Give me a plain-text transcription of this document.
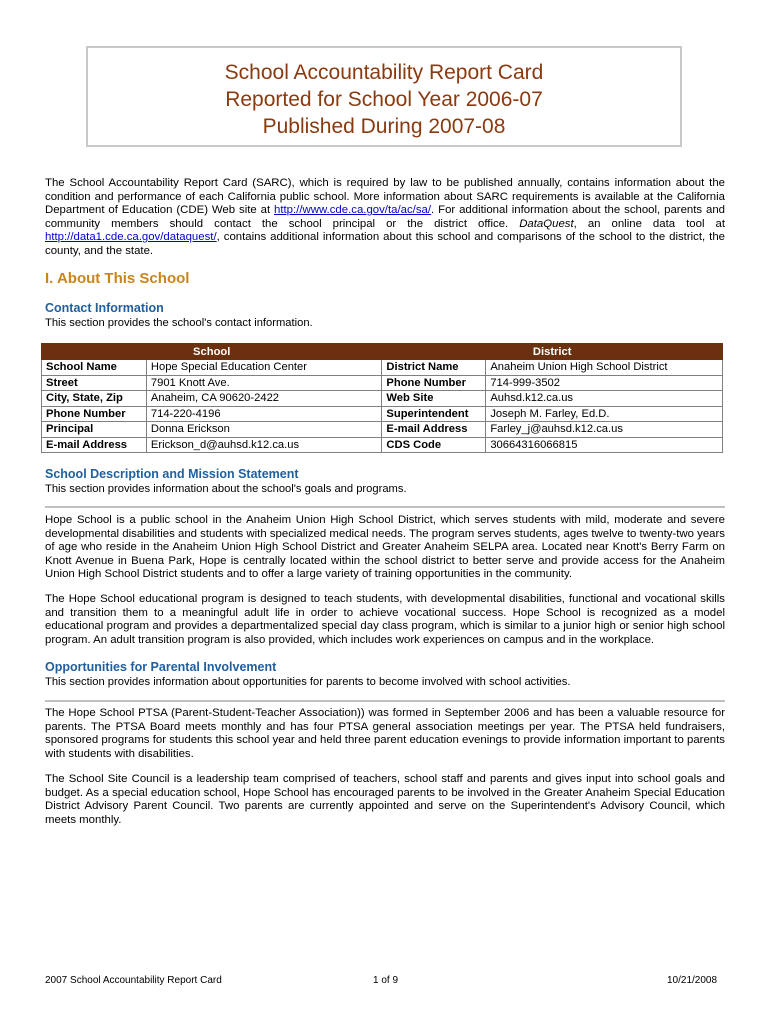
School Accountability Report Card
Reported for School Year 2006-07
Published During 2007-08

The School Accountability Report Card (SARC), which is required by law to be published annually, contains information about the condition and performance of each California public school. More information about SARC requirements is available at the California Department of Education (CDE) Web site at http://www.cde.ca.gov/ta/ac/sa/. For additional information about the school, parents and community members should contact the school principal or the district office. DataQuest, an online data tool at http://data1.cde.ca.gov/dataquest/, contains additional information about this school and comparisons of the school to the district, the county, and the state.

I. About This School
Contact Information

This section provides the school's contact information.

School		District	
School Name	Hope Special Education Center	District Name	Anaheim Union High School District
Street	7901 Knott Ave.	Phone Number	714-999-3502
City, State, Zip	Anaheim, CA 90620-2422	Web Site	Auhsd.k12.ca.us
Phone Number	714-220-4196	Superintendent	Joseph M. Farley, Ed.D.
Principal	Donna Erickson	E-mail Address	Farley_j@auhsd.k12.ca.us
E-mail Address	Erickson_d@auhsd.k12.ca.us	CDS Code	30664316066815
School Description and Mission Statement

This section provides information about the school's goals and programs.

Hope School is a public school in the Anaheim Union High School District, which serves students with mild, moderate and severe developmental disabilities and students with specialized medical needs. The program serves students, ages twelve to twenty-two years of age who reside in the Anaheim Union High School District and Greater Anaheim SELPA area. Located near Knott's Berry Farm on Knott Avenue in Buena Park, Hope is centrally located within the school district to better serve and provide access for the Anaheim Union High School District students and to offer a large variety of training opportunities in the community.

The Hope School educational program is designed to teach students, with developmental disabilities, functional and vocational skills and transition them to a meaningful adult life in order to achieve vocational success. Hope School is recognized as a model educational program and provides a departmentalized special day class program, which is similar to a junior high or senior high school program. An adult transition program is also provided, which includes work experiences on campus and in the workplace.

Opportunities for Parental Involvement

This section provides information about opportunities for parents to become involved with school activities.

The Hope School PTSA (Parent-Student-Teacher Association)) was formed in September 2006 and has been a valuable resource for parents. The PTSA Board meets monthly and has four PTSA general association meetings per year. The PTSA held fundraisers, sponsored programs for students this school year and held three parent education evenings to provide information important to parents with students with disabilities.

The School Site Council is a leadership team comprised of teachers, school staff and parents and gives input into school goals and budget. As a special education school, Hope School has encouraged parents to be involved in the Greater Anaheim Special Education District Advisory Parent Council. Two parents are currently appointed and serve on the Superintendent's Advisory Council, which meets monthly.

2007 School Accountability Report Card	1 of 9	10/21/2008
